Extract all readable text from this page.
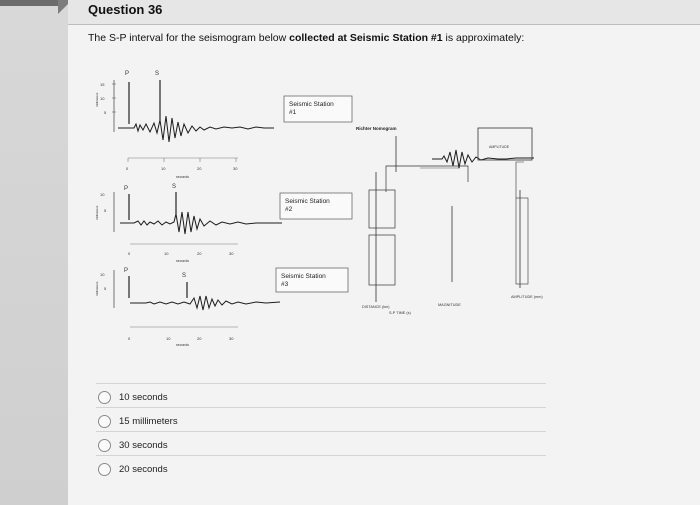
Question 36
The S-P interval for the seismogram below collected at Seismic Station #1 is approximately:
P	S
millimeters
15
10
5
0	10	20	30
seconds
Seismic Station #1
P	S
millimeters
10
5
0	10	20	30
seconds
Seismic Station #2
P
S
millimeters
10
5
0	10	20	30
seconds
Seismic Station #3
Richter Nomogram
AMPLITUDE
DISTANCE (km)
S-P TIME (s)
MAGNITUDE
AMPLITUDE (mm)
10 seconds
15 millimeters
30 seconds
20 seconds
